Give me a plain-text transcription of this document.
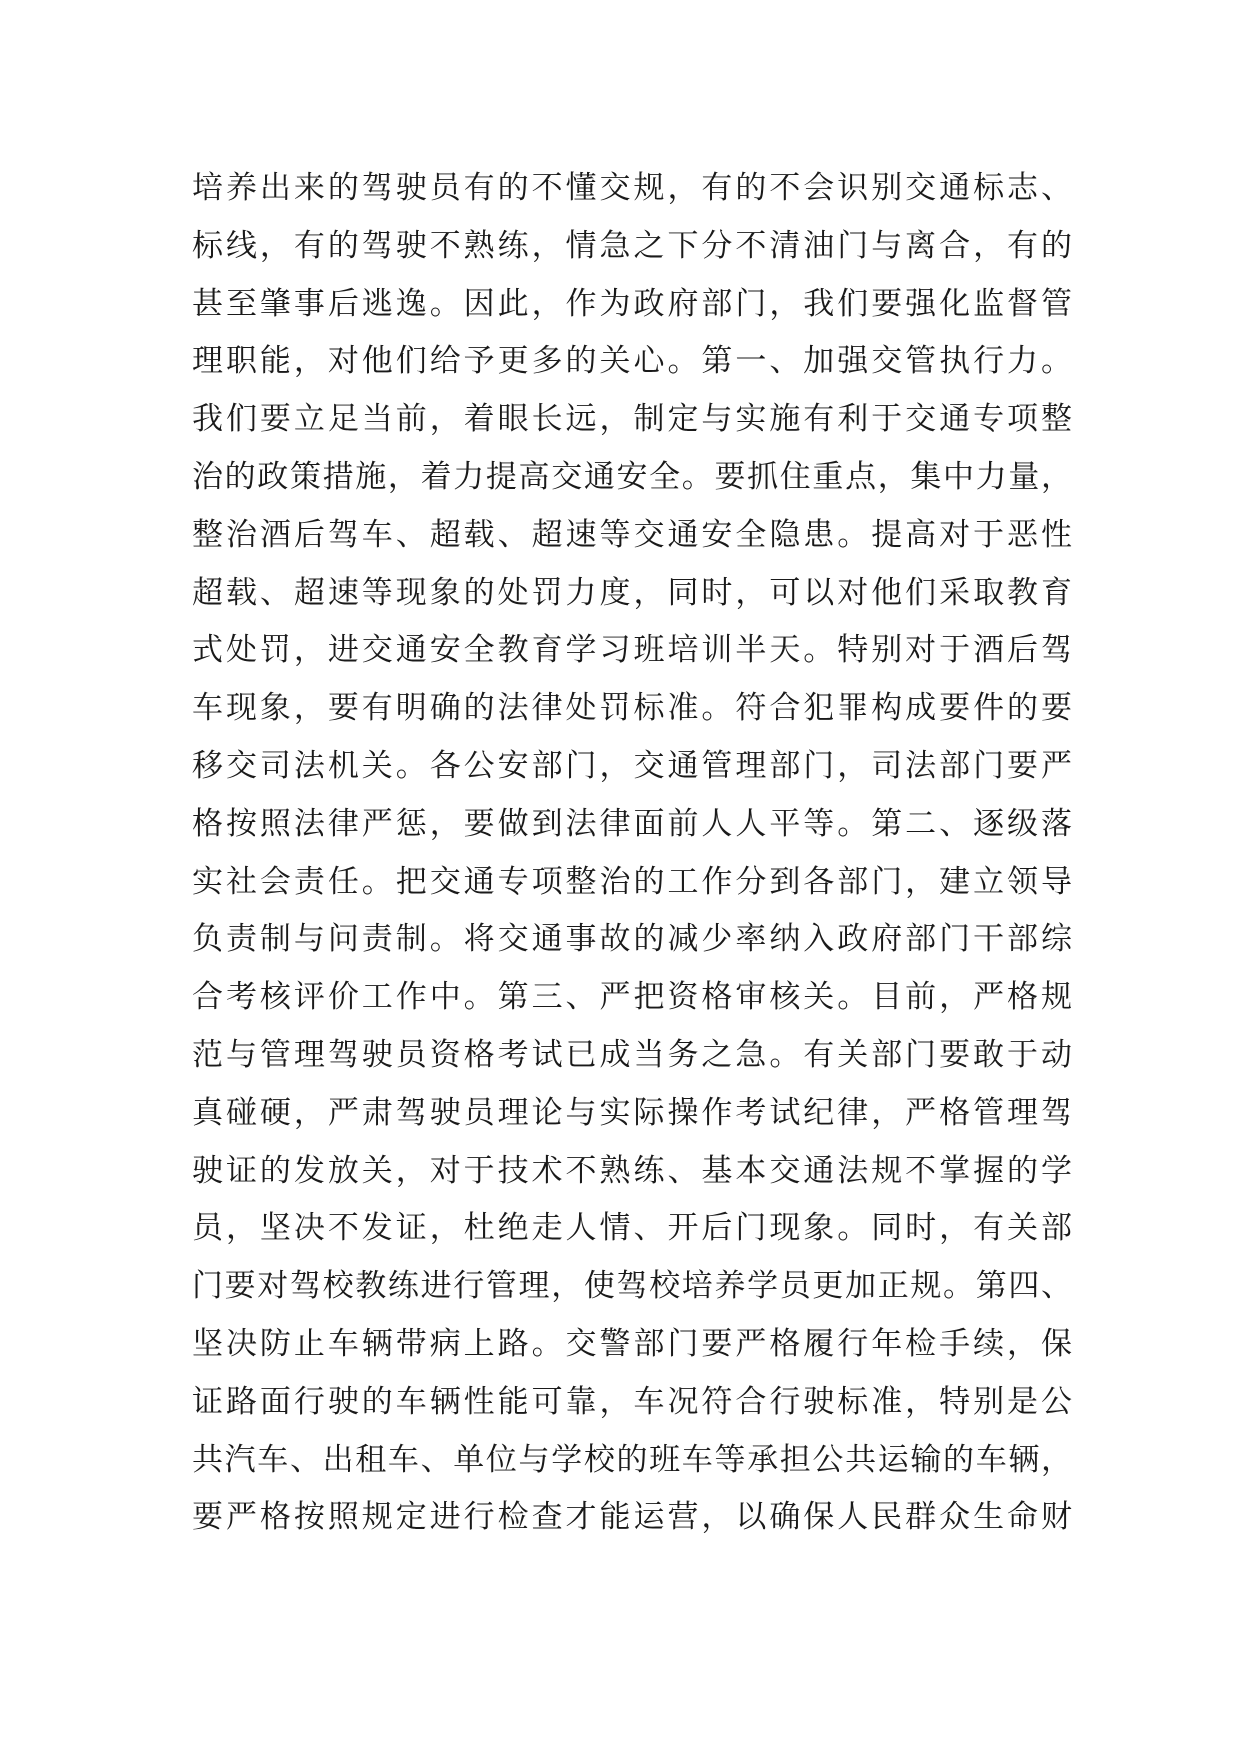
培养出来的驾驶员有的不懂交规，有的不会识别交通标志、
标线，有的驾驶不熟练，情急之下分不清油门与离合，有的
甚至肇事后逃逸。因此，作为政府部门，我们要强化监督管
理职能，对他们给予更多的关心。第一、加强交管执行力。
我们要立足当前，着眼长远，制定与实施有利于交通专项整
治的政策措施，着力提高交通安全。要抓住重点，集中力量，
整治酒后驾车、超载、超速等交通安全隐患。提高对于恶性
超载、超速等现象的处罚力度，同时，可以对他们采取教育
式处罚，进交通安全教育学习班培训半天。特别对于酒后驾
车现象，要有明确的法律处罚标准。符合犯罪构成要件的要
移交司法机关。各公安部门，交通管理部门，司法部门要严
格按照法律严惩，要做到法律面前人人平等。第二、逐级落
实社会责任。把交通专项整治的工作分到各部门，建立领导
负责制与问责制。将交通事故的减少率纳入政府部门干部综
合考核评价工作中。第三、严把资格审核关。目前，严格规
范与管理驾驶员资格考试已成当务之急。有关部门要敢于动
真碰硬，严肃驾驶员理论与实际操作考试纪律，严格管理驾
驶证的发放关，对于技术不熟练、基本交通法规不掌握的学
员，坚决不发证，杜绝走人情、开后门现象。同时，有关部
门要对驾校教练进行管理，使驾校培养学员更加正规。第四、
坚决防止车辆带病上路。交警部门要严格履行年检手续，保
证路面行驶的车辆性能可靠，车况符合行驶标准，特别是公
共汽车、出租车、单位与学校的班车等承担公共运输的车辆，
要严格按照规定进行检查才能运营，以确保人民群众生命财
